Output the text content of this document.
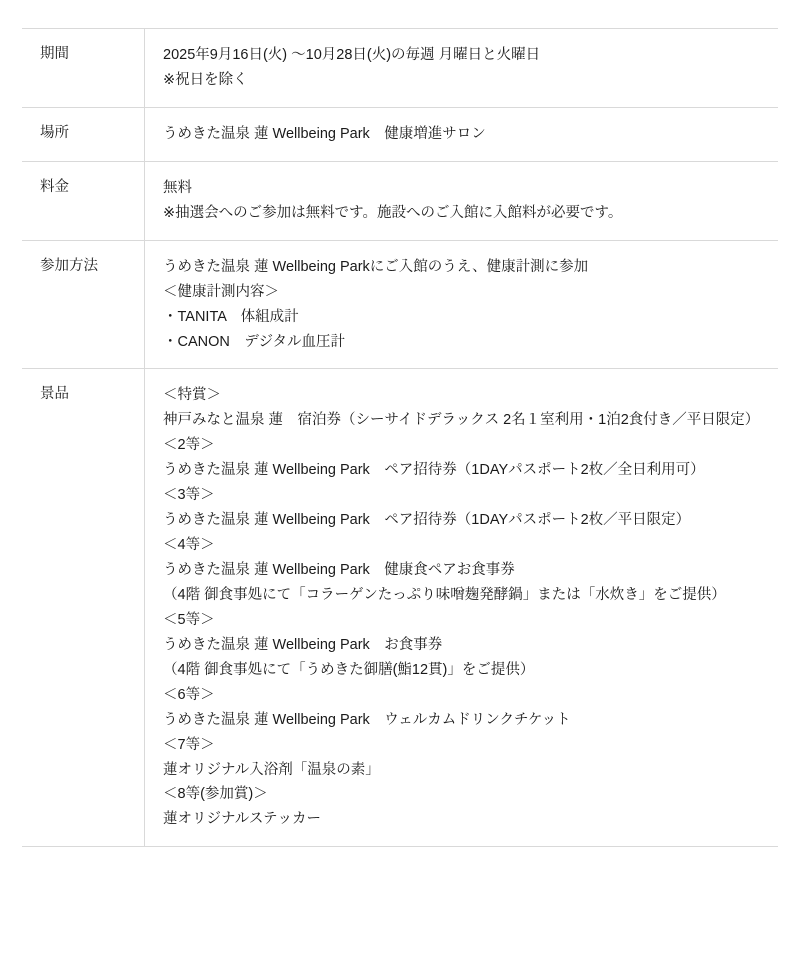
期間	2025年9月16日(火) ～10月28日(火)の毎週 月曜日と火曜日
※祝日を除く

場所	うめきた温泉 蓮 Wellbeing Park　健康増進サロン

料金	無料
※抽選会へのご参加は無料です。施設へのご入館に入館料が必要です。

参加方法	うめきた温泉 蓮 Wellbeing Parkにご入館のうえ、健康計測に参加
＜健康計測内容＞
・TANITA　体組成計
・CANON　デジタル血圧計

景品	＜特賞＞
神戸みなと温泉 蓮　宿泊券（シーサイドデラックス 2名１室利用・1泊2食付き／平日限定）
＜2等＞
うめきた温泉 蓮 Wellbeing Park　ペア招待券（1DAYパスポート2枚／全日利用可）
＜3等＞
うめきた温泉 蓮 Wellbeing Park　ペア招待券（1DAYパスポート2枚／平日限定）
＜4等＞
うめきた温泉 蓮 Wellbeing Park　健康食ペアお食事券
（4階 御食事処にて「コラーゲンたっぷり味噌麹発酵鍋」または「水炊き」をご提供）
＜5等＞
うめきた温泉 蓮 Wellbeing Park　お食事券
（4階 御食事処にて「うめきた御膳(鮨12貫)」をご提供）
＜6等＞
うめきた温泉 蓮 Wellbeing Park　ウェルカムドリンクチケット
＜7等＞
蓮オリジナル入浴剤「温泉の素」
＜8等(参加賞)＞
蓮オリジナルステッカー
